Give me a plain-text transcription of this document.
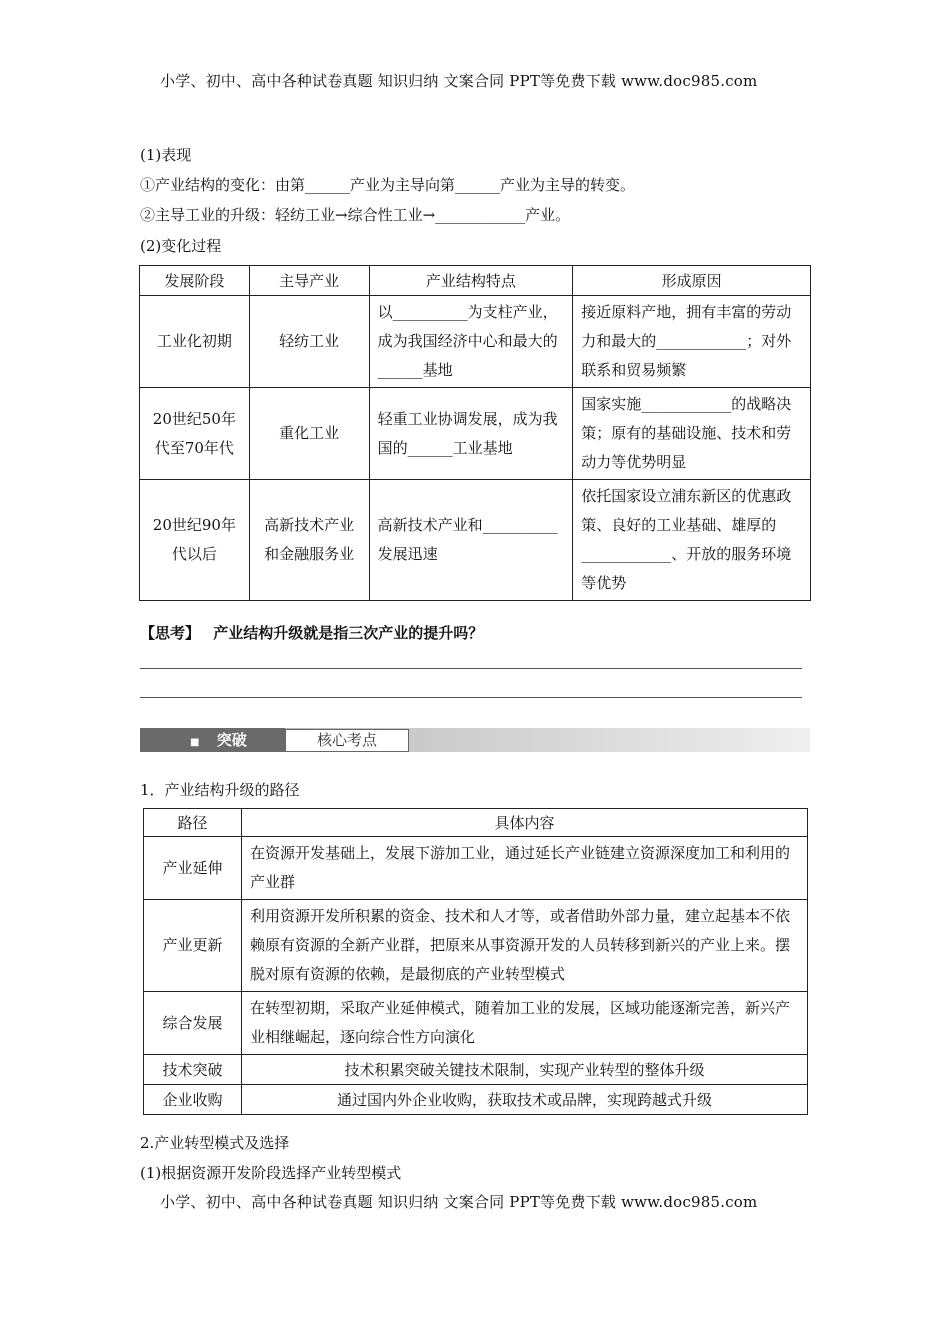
小学、初中、高中各种试卷真题 知识归纳 文案合同 PPT等免费下载 www.doc985.com
(1)表现
①产业结构的变化：由第______产业为主导向第______产业为主导的转变。
②主导工业的升级：轻纺工业→综合性工业→____________产业。
(2)变化过程
发展阶段	主导产业	产业结构特点	形成原因
工业化初期	轻纺工业	以__________为支柱产业，成为我国经济中心和最大的______基地	接近原料产地，拥有丰富的劳动力和最大的____________；对外联系和贸易频繁
20世纪50年代至70年代	重化工业	轻重工业协调发展，成为我国的______工业基地	国家实施____________的战略决策；原有的基础设施、技术和劳动力等优势明显
20世纪90年代以后	高新技术产业和金融服务业	高新技术产业和__________发展迅速	依托国家设立浦东新区的优惠政策、良好的工业基础、雄厚的____________、开放的服务环境等优势
【思考】 产业结构升级就是指三次产业的提升吗？
■ 突破	核心考点
1．产业结构升级的路径
路径	具体内容
产业延伸	在资源开发基础上，发展下游加工业，通过延长产业链建立资源深度加工和利用的产业群
产业更新	利用资源开发所积累的资金、技术和人才等，或者借助外部力量，建立起基本不依赖原有资源的全新产业群，把原来从事资源开发的人员转移到新兴的产业上来。摆脱对原有资源的依赖，是最彻底的产业转型模式
综合发展	在转型初期，采取产业延伸模式，随着加工业的发展，区域功能逐渐完善，新兴产业相继崛起，逐向综合性方向演化
技术突破	技术积累突破关键技术限制，实现产业转型的整体升级
企业收购	通过国内外企业收购，获取技术或品牌，实现跨越式升级
2.产业转型模式及选择
(1)根据资源开发阶段选择产业转型模式
小学、初中、高中各种试卷真题 知识归纳 文案合同 PPT等免费下载 www.doc985.com
